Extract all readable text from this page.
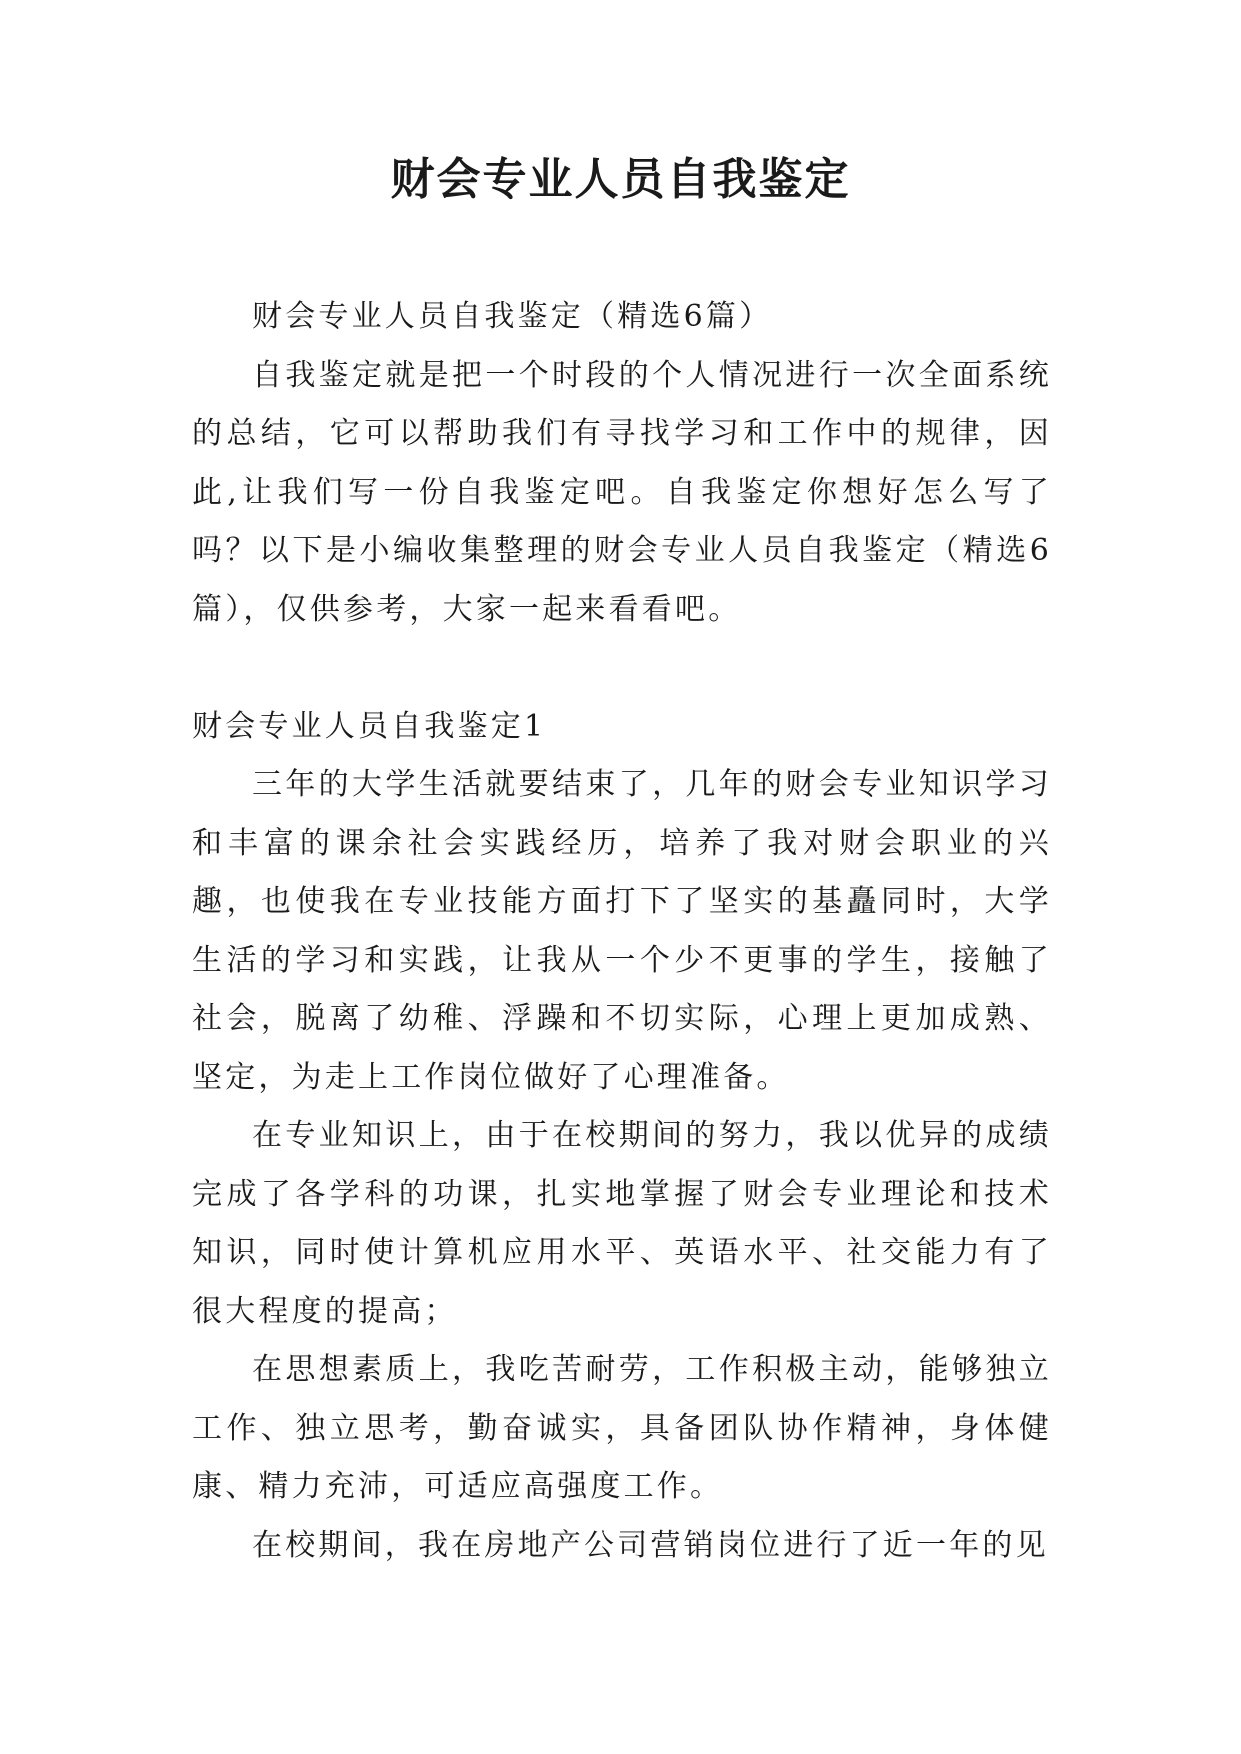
财会专业人员自我鉴定

财会专业人员自我鉴定（精选6篇）

自我鉴定就是把一个时段的个人情况进行一次全面系统的总结，它可以帮助我们有寻找学习和工作中的规律，因此,让我们写一份自我鉴定吧。自我鉴定你想好怎么写了吗？以下是小编收集整理的财会专业人员自我鉴定（精选6篇），仅供参考，大家一起来看看吧。

财会专业人员自我鉴定1

三年的大学生活就要结束了，几年的财会专业知识学习和丰富的课余社会实践经历，培养了我对财会职业的兴趣，也使我在专业技能方面打下了坚实的基矗同时，大学生活的学习和实践，让我从一个少不更事的学生，接触了社会，脱离了幼稚、浮躁和不切实际，心理上更加成熟、坚定，为走上工作岗位做好了心理准备。

在专业知识上，由于在校期间的努力，我以优异的成绩完成了各学科的功课，扎实地掌握了财会专业理论和技术知识，同时使计算机应用水平、英语水平、社交能力有了很大程度的提高；

在思想素质上，我吃苦耐劳，工作积极主动，能够独立工作、独立思考，勤奋诚实，具备团队协作精神，身体健康、精力充沛，可适应高强度工作。

在校期间，我在房地产公司营销岗位进行了近一年的见
